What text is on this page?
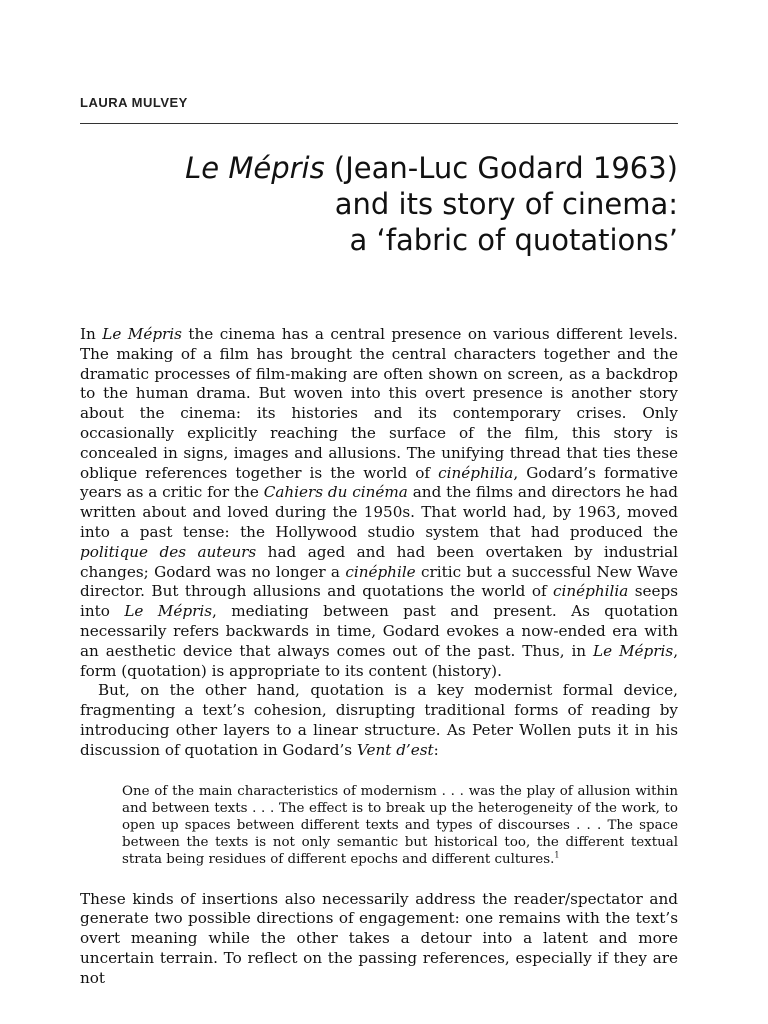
LAURA MULVEY
Le Mépris (Jean-Luc Godard 1963)
and its story of cinema:
a ‘fabric of quotations’

In Le Mépris the cinema has a central presence on various different levels. The making of a film has brought the central characters together and the dramatic processes of film-making are often shown on screen, as a backdrop to the human drama. But woven into this overt presence is another story about the cinema: its histories and its contemporary crises. Only occasionally explicitly reaching the surface of the film, this story is concealed in signs, images and allusions. The unifying thread that ties these oblique references together is the world of cinéphilia, Godard’s formative years as a critic for the Cahiers du cinéma and the films and directors he had written about and loved during the 1950s. That world had, by 1963, moved into a past tense: the Hollywood studio system that had produced the politique des auteurs had aged and had been overtaken by industrial changes; Godard was no longer a cinéphile critic but a successful New Wave director. But through allusions and quotations the world of cinéphilia seeps into Le Mépris, mediating between past and present. As quotation necessarily refers backwards in time, Godard evokes a now-ended era with an aesthetic device that always comes out of the past. Thus, in Le Mépris, form (quotation) is appropriate to its content (history).

But, on the other hand, quotation is a key modernist formal device, fragmenting a text’s cohesion, disrupting traditional forms of reading by introducing other layers to a linear structure. As Peter Wollen puts it in his discussion of quotation in Godard’s Vent d’est:

One of the main characteristics of modernism . . . was the play of allusion within and between texts . . . The effect is to break up the heterogeneity of the work, to open up spaces between different texts and types of discourses . . . The space between the texts is not only semantic but historical too, the different textual strata being residues of different epochs and different cultures.$^1$

These kinds of insertions also necessarily address the reader/spectator and generate two possible directions of engagement: one remains with the text’s overt meaning while the other takes a detour into a latent and more uncertain terrain. To reflect on the passing references, especially if they are not
